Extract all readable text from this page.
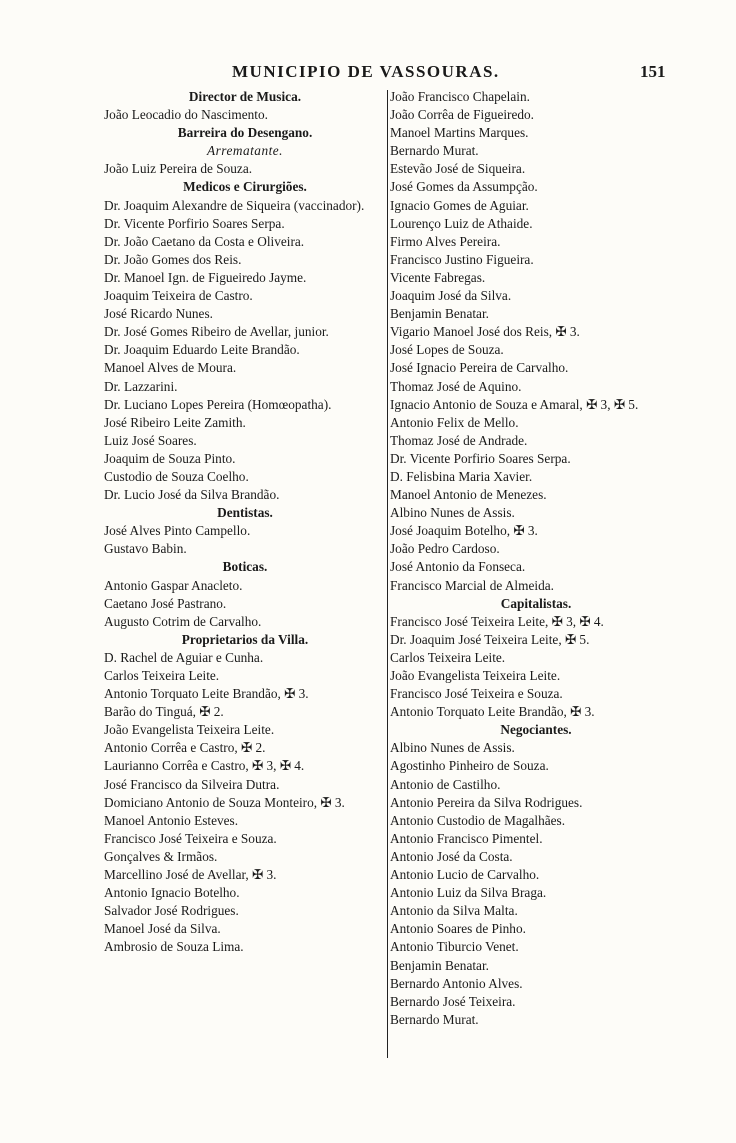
MUNICIPIO DE VASSOURAS.	151

Director de Musica.

João Leocadio do Nascimento.

Barreira do Desengano.

Arrematante.

João Luiz Pereira de Souza.

Medicos e Cirurgiões.

Dr. Joaquim Alexandre de Siqueira (vaccinador).

Dr. Vicente Porfirio Soares Serpa.

Dr. João Caetano da Costa e Oliveira.

Dr. João Gomes dos Reis.

Dr. Manoel Ign. de Figueiredo Jayme.

Joaquim Teixeira de Castro.

José Ricardo Nunes.

Dr. José Gomes Ribeiro de Avellar, junior.

Dr. Joaquim Eduardo Leite Brandão.

Manoel Alves de Moura.

Dr. Lazzarini.

Dr. Luciano Lopes Pereira (Homœopatha).

José Ribeiro Leite Zamith.

Luiz José Soares.

Joaquim de Souza Pinto.

Custodio de Souza Coelho.

Dr. Lucio José da Silva Brandão.

Dentistas.

José Alves Pinto Campello.

Gustavo Babin.

Boticas.

Antonio Gaspar Anacleto.

Caetano José Pastrano.

Augusto Cotrim de Carvalho.

Proprietarios da Villa.

D. Rachel de Aguiar e Cunha.

Carlos Teixeira Leite.

Antonio Torquato Leite Brandão, ✠ 3.

Barão do Tinguá, ✠ 2.

João Evangelista Teixeira Leite.

Antonio Corrêa e Castro, ✠ 2.

Laurianno Corrêa e Castro, ✠ 3, ✠ 4.

José Francisco da Silveira Dutra.

Domiciano Antonio de Souza Monteiro, ✠ 3.

Manoel Antonio Esteves.

Francisco José Teixeira e Souza.

Gonçalves & Irmãos.

Marcellino José de Avellar, ✠ 3.

Antonio Ignacio Botelho.

Salvador José Rodrigues.

Manoel José da Silva.

Ambrosio de Souza Lima.

João Francisco Chapelain.

João Corrêa de Figueiredo.

Manoel Martins Marques.

Bernardo Murat.

Estevão José de Siqueira.

José Gomes da Assumpção.

Ignacio Gomes de Aguiar.

Lourenço Luiz de Athaide.

Firmo Alves Pereira.

Francisco Justino Figueira.

Vicente Fabregas.

Joaquim José da Silva.

Benjamin Benatar.

Vigario Manoel José dos Reis, ✠ 3.

José Lopes de Souza.

José Ignacio Pereira de Carvalho.

Thomaz José de Aquino.

Ignacio Antonio de Souza e Amaral, ✠ 3, ✠ 5.

Antonio Felix de Mello.

Thomaz José de Andrade.

Dr. Vicente Porfirio Soares Serpa.

D. Felisbina Maria Xavier.

Manoel Antonio de Menezes.

Albino Nunes de Assis.

José Joaquim Botelho, ✠ 3.

João Pedro Cardoso.

José Antonio da Fonseca.

Francisco Marcial de Almeida.

Capitalistas.

Francisco José Teixeira Leite, ✠ 3, ✠ 4.

Dr. Joaquim José Teixeira Leite, ✠ 5.

Carlos Teixeira Leite.

João Evangelista Teixeira Leite.

Francisco José Teixeira e Souza.

Antonio Torquato Leite Brandão, ✠ 3.

Negociantes.

Albino Nunes de Assis.

Agostinho Pinheiro de Souza.

Antonio de Castilho.

Antonio Pereira da Silva Rodrigues.

Antonio Custodio de Magalhães.

Antonio Francisco Pimentel.

Antonio José da Costa.

Antonio Lucio de Carvalho.

Antonio Luiz da Silva Braga.

Antonio da Silva Malta.

Antonio Soares de Pinho.

Antonio Tiburcio Venet.

Benjamin Benatar.

Bernardo Antonio Alves.

Bernardo José Teixeira.

Bernardo Murat.
